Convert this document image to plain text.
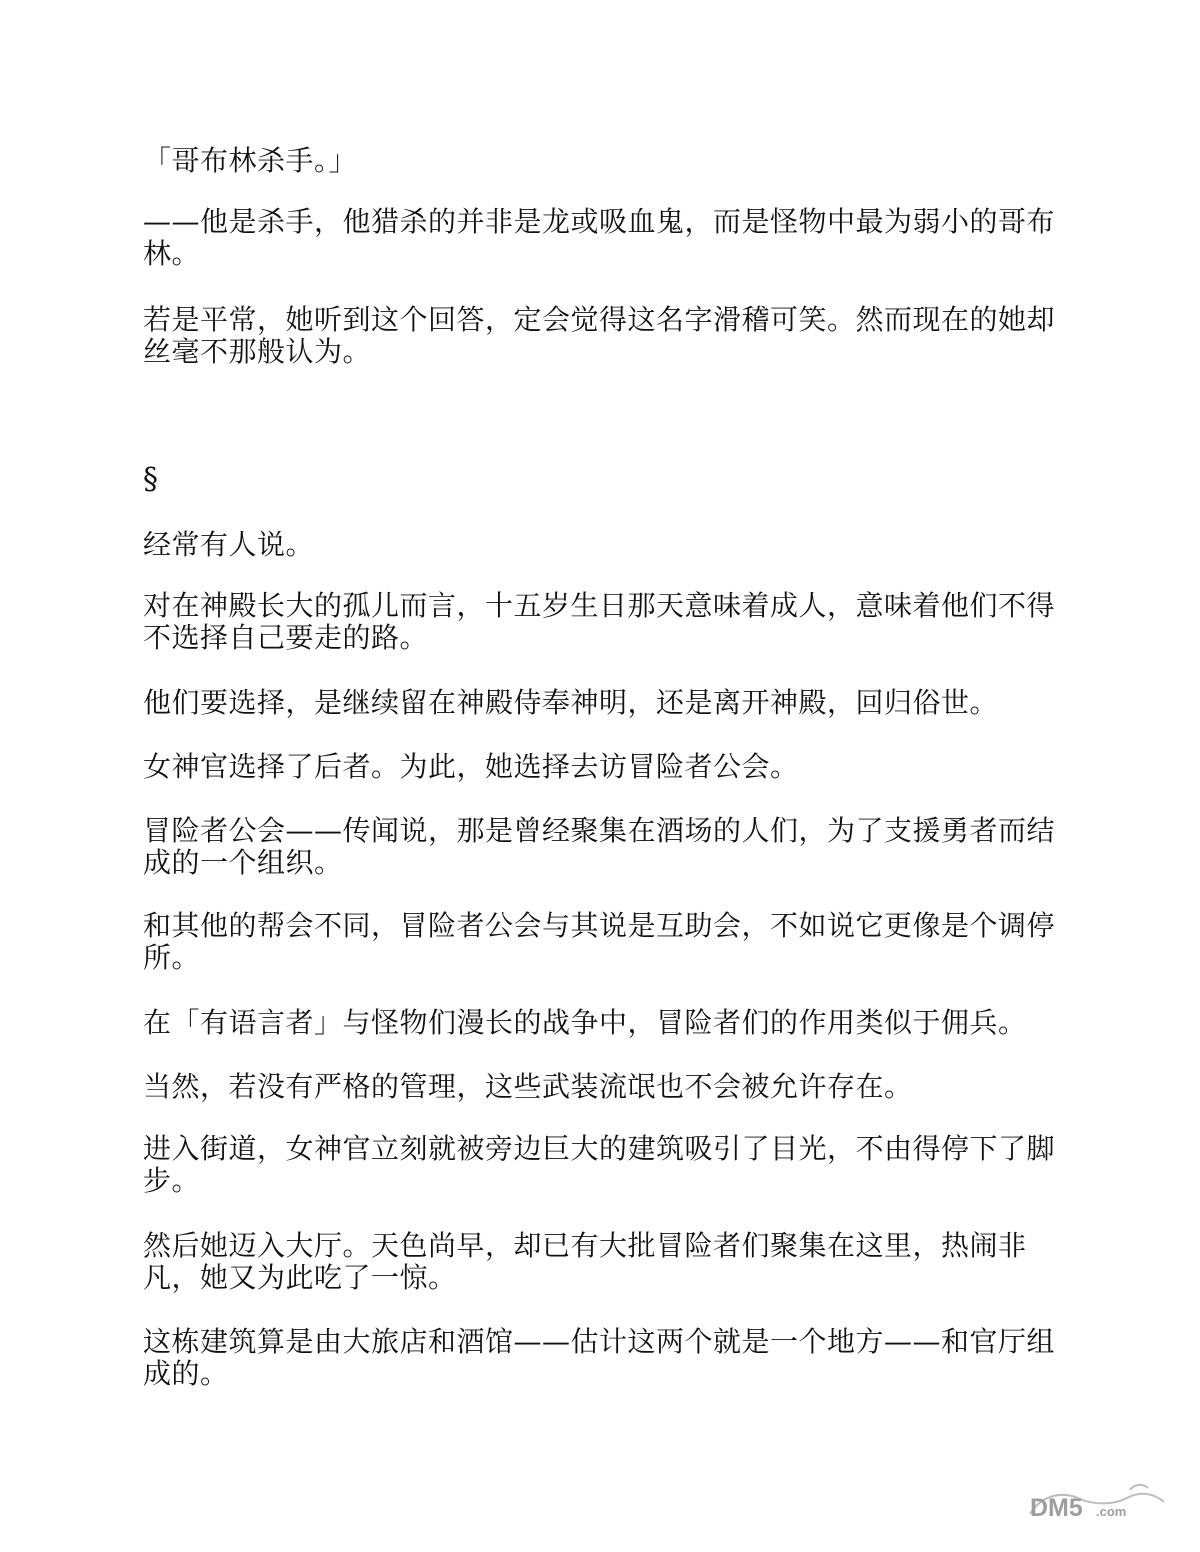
「哥布林杀手。」

——他是杀手，他猎杀的并非是龙或吸血鬼，而是怪物中最为弱小的哥布林。

若是平常，她听到这个回答，定会觉得这名字滑稽可笑。然而现在的她却丝毫不那般认为。

§

经常有人说。

对在神殿长大的孤儿而言，十五岁生日那天意味着成人，意味着他们不得不选择自己要走的路。

他们要选择，是继续留在神殿侍奉神明，还是离开神殿，回归俗世。

女神官选择了后者。为此，她选择去访冒险者公会。

冒险者公会——传闻说，那是曾经聚集在酒场的人们，为了支援勇者而结成的一个组织。

和其他的帮会不同，冒险者公会与其说是互助会，不如说它更像是个调停所。

在「有语言者」与怪物们漫长的战争中，冒险者们的作用类似于佣兵。

当然，若没有严格的管理，这些武装流氓也不会被允许存在。

进入街道，女神官立刻就被旁边巨大的建筑吸引了目光，不由得停下了脚步。

然后她迈入大厅。天色尚早，却已有大批冒险者们聚集在这里，热闹非凡，她又为此吃了一惊。

这栋建筑算是由大旅店和酒馆——估计这两个就是一个地方——和官厅组成的。

DM5 .com
